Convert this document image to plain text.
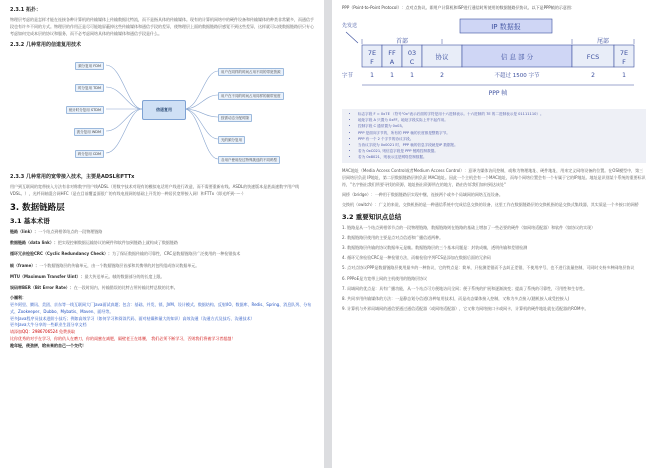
2.3.1 拓扑：
物理层考虑的是怎样才能在连接各种计算机的传输媒体上传输数据比特流，而不是指具体的传输媒体。现有的计算机网络中的硬件设备和传输媒体的种类非常繁多，而通信手段也有许多不同的方式。物理层的作用正是尽可能地屏蔽掉这些传输媒体和通信手段的差异，使物理层上面的数据链路层感觉不到这些差异，这样就可以使数据链路层只专心考虑如何完成本层的协议和服务，而不必考虑网络具体的传输媒体和通信手段是什么。
2.3.2 几种常用的信道复用技术
信道复用
频分复用 FDM
时分复用 TDM
统计时分复用 STDM
波分复用 WDM
码分复用 CDM
用户在同样的时间占用不同的带宽资源
用户在不同的时间占用同样的频带宽度
按需动态分配时隙
光的频分复用
各用户使用经过特殊挑选的不同码型
2.3.3 几种常用的宽带接入技术，主要是ADSL和FTTx
用户到互联网的宽带接入方法有非对称数字用户线ADSL（用数字技术对现有的模拟电话用户线进行改造，而不需要重新布线。ASDL的快速版本是甚高速数字用户线VDSL。），光纤同轴混合网HFC（是在目前覆盖面很广的有线电视网的基础上开发的一种居民宽带接入网）和FTTx（即光纤到······）
3. 数据链路层
3.1 基本术语
链路（link）：一个结点到相邻结点的一段物理链路
数据链路（data link）：把实现控制数据运输协议的硬件和软件加到链路上就构成了数据链路
循环冗余检验CRC（Cyclic Redundancy Check）：为了保证数据传输的可靠性，CRC是数据链路层广泛使用的一种检错技术
帧（frame）：一个数据链路层的传输单元，由一个数据链路层首部和其携带的封包所组成协议数据单元。
MTU（Maximum Transfer Uint）：最大传送单元。帧的数据部分的的长度上限。
误码率BER（Bit Error Rate）：在一段时间内，传输错误的比特占所传输比特总数的比率。
小福利：
更多阿里、腾讯、美团、京东等一线互联网大厂Java面试真题；包含：基础、并发、锁、JVM、设计模式、数据结构、反射/IO、数据库、Redis、Spring、消息队列、分布式、Zookeeper、Dubbo、Mybatis、Maven、面经等。
更多Java程序员技术进阶小技巧；例如高效学习（如何学习和阅读代码、面对枯燥和量大的知识）高效沟通（沟通方式及技巧、沟通技术）
更多Java大牛分享的一些职业生涯分享文档
请添加QQ：2986706524 免费获取
比你优秀的对手在学习，你的仇人在磨刀，你的闺蜜在减肥，隔壁老王在练腰， 我们必须不断学习，否则我们将被学习者超越！
趁年轻，使劲拼，给未来的自己一个交代！
PPP（Point-to-Point Protocol）：点对点协议。即用户计算机和ISP进行通信时所使用的数据链路层协议。以下是PPP帧的示意图：
IP 数据报
首部	尾部
先发送
7E
F
FF
A
03
C
协议	信 息 部 分	FCS	7E
F
字节	1	1	1	2	不超过 1500 字节	2	1
PPP 帧
• 标志字段 F = 0x7E （符号"0x"表示后面的字符是用十六进制表示。十六进制的 7E 的二进制表示是 01111110）。
• 地址字段 A 只置为 0xFF。地址字段实际上并不起作用。
• 控制字段 C 通常置为 0x03。
• PPP 是面向字节的，所有的 PPP 帧的长度都是整数字节。
• PPP 有一个 2 个字节的协议字段。
• 当协议字段为 0x0021 时，PPP 帧的信息字段就是IP 数据报。
• 若为 0xC021, 则信息字段是 PPP 链路控制数据。
• 若为 0x8021，则表示这是网络控制数据。
MAC地址（Media Access Control或者Medium Access Control）：意译为媒体访问控制，或称为物理地址、硬件地址，用来定义网络设备的位置。在OSI模型中，第三层网络层负责 IP地址，第二层数据链路层则负责 MAC地址。因此一个主机会有一个MAC地址，而每个网络位置会有一个专属于它的IP地址。地址是识别某个系统的重要标识符，"名字指出我们所要寻找的资源，地址指出资源所在的地方，路由告诉我们如何到达该处"
网桥（bridge）：一种用于数据链路层实现中继，连接两个或多个局域网的网络互连设备。
交换机（switch）：广义的来说，交换机指的是一种通信系统中完成信息交换的设备，这里工作在数据链路层的交换机指的是交换式集线器，其实质是一个多接口的网桥
3.2 重要知识点总结
1. 链路是从一个结点到相邻节点的一段物理链路，数据链路则在链路的基础上增加了一些必要的硬件（如网络适配器）和软件（如协议的实现）
2. 数据链路层使用的主要是点对点信道和广播信道两种。
3. 数据链路层传输的协议数据单元是帧。数据链路层的三个基本问题是：封装成帧，透明传输和差错检测
4. 循环冗余检验CRC是一种检错方法，而帧检验序列FCS是添加在数据后面的冗余码
5. 点对点协议PPP是数据链路层使用最多的一种协议，它的特点是：简单，只检测差错而不去纠正差错，不使用序号，也不进行流量控制，可同时支持多种网络层协议
6. PPPoE是为宽带上网的主机使用的链路层协议
7. 局域网的优点是：具有广播功能，从一个站点可方便地访问全网；便于系统的扩展和逐渐演变；提高了系统的可靠性，可用性和生存性。
8. 共同享用传输媒体的方法：一是静态划分信道(各种复用技术)，而是动态媒体接入控制，又称为多点接入(随机接入或受控接入)
9. 计算机与外界局域网的通信要通过通信适配器（或网络适配器），它又称为网络接口卡或网卡，计算机的硬件地址就在适配器的ROM中。
